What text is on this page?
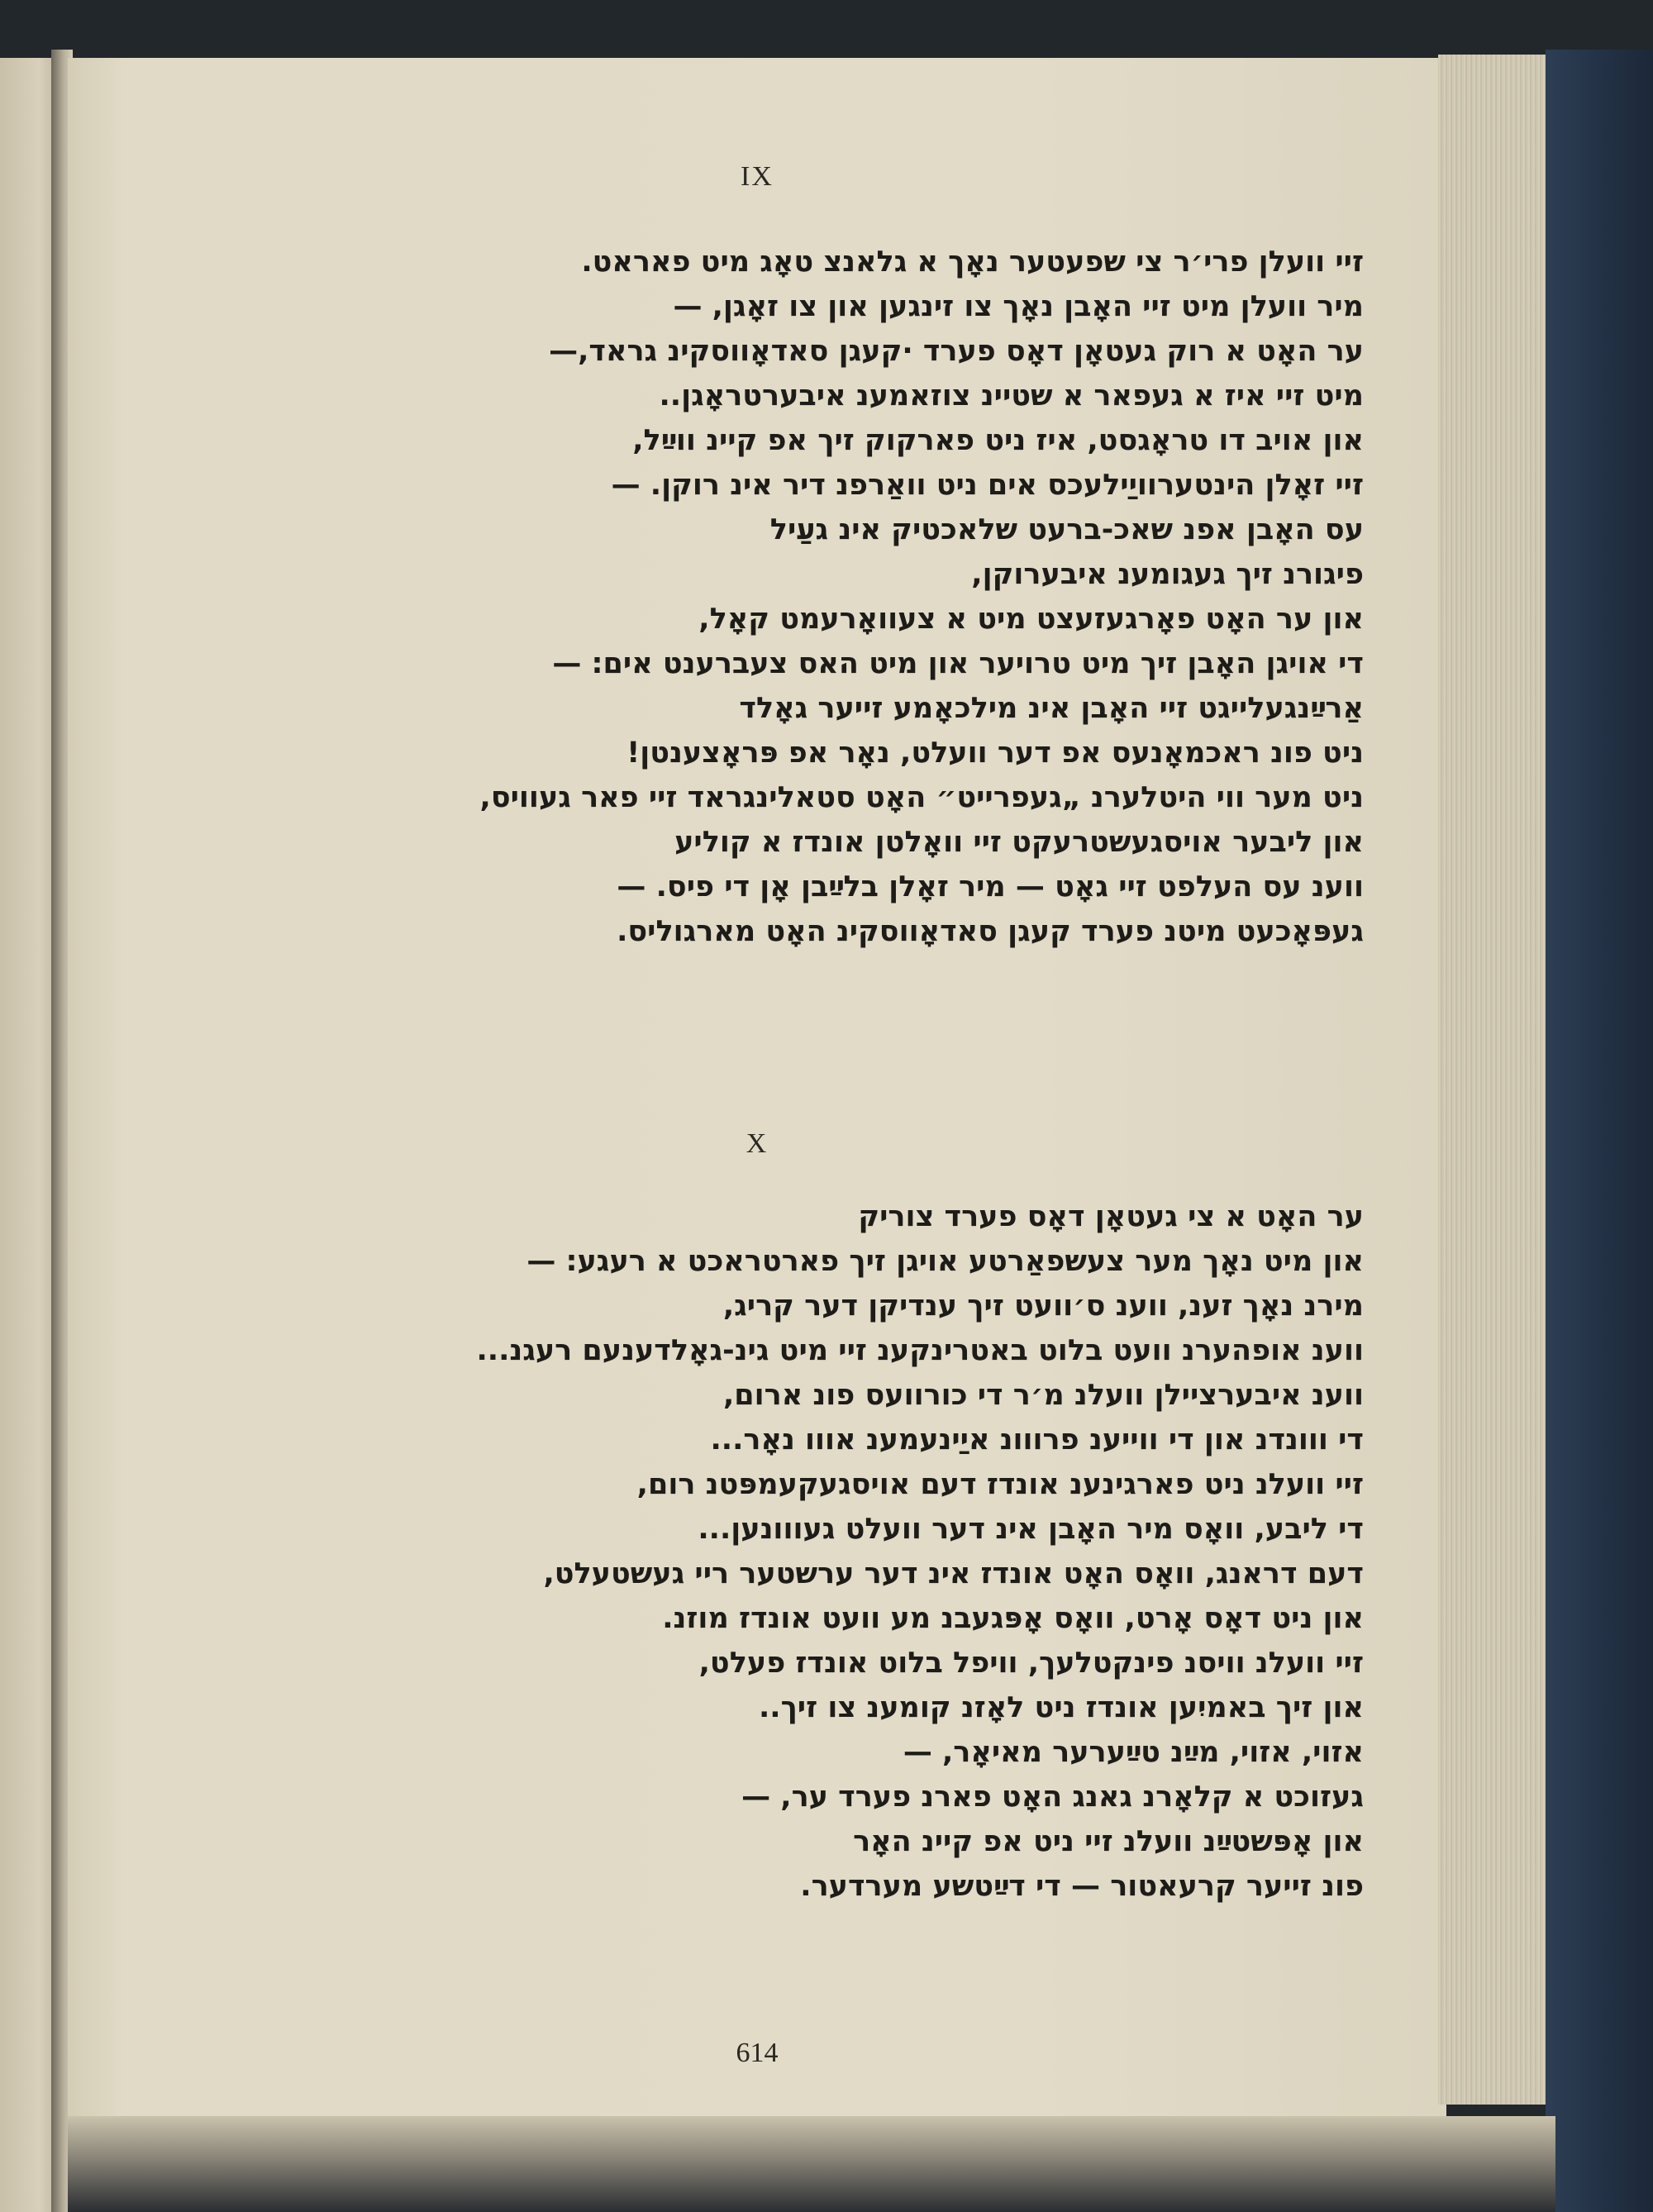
IX
זיי וועלן פרי׳ר צי שפעטער נאָך א גלאנצ טאָג מיט פאראט.
מיר וועלן מיט זיי האָבן נאָך צו זינגען און צו זאָגן, —
ער האָט א רוק געטאָן דאָס פערד ·קעגן סאדאָווסקינ גראד,—
מיט זיי איז א געפאר א שטיינ צוזאמענ איבערטראָגן..
און אויב דו טראָגסט, איז ניט פארקוק זיך אפ קיינ ווײַל,
זיי זאָלן הינטערוויַילעכס אים ניט וואַרפנ דיר אינ רוקן. —
עס האָבן אפנ שאכ-ברעט שלאכטיק אינ געַיל
פיגורנ זיך געגומענ איבערוקן,
און ער האָט פאָרגעזעצט מיט א צעוואָרעמט קאָל,
די אויגן האָבן זיך מיט טרויער און מיט האס צעברענט אים: —
אַרײַנגעלייגט זיי האָבן אינ מילכאָמע זייער גאָלד
ניט פונ ראכמאָנעס אפ דער וועלט, נאָר אפ פּראָצענטן!
ניט מער ווי היטלערנ „געפרייט״ האָט סטאלינגראד זיי פאר געוויס,
און ליבער אויסגעשטרעקט זיי וואָלטן אונדז א קוליע
ווענ עס העלפט זיי גאָט — מיר זאָלן בלײַבן אָן די פיס. —
געפּאָכעט מיטנ פערד קעגן סאדאָווסקינ האָט מארגוליס.
X
ער האָט א צי געטאָן דאָס פערד צוריק
און מיט נאָך מער צעשפאַרטע אויגן זיך פארטראכט א רעגע: —
מירנ נאָך זענ, ווענ ס׳וועט זיך ענדיקן דער קריג,
ווענ אופהערנ וועט בלוט באטרינקענ זיי מיט גינ-גאָלדענעם רעגנ...
ווענ איבערציילן וועלנ מ׳ר די כורוועס פונ ארום,
די ווונדנ און די ווייענ פרווונ איַינעמענ אווו נאָר...
זיי וועלנ ניט פארגינענ אונדז דעם אויסגעקעמפּטנ רום,
די ליבע, וואָס מיר האָבן אינ דער וועלט געווונען...
דעם דראנג, וואָס האָט אונדז אינ דער ערשטער ריי געשטעלט,
און ניט דאָס אָרט, וואָס אָפּגעבנ מע וועט אונדז מוזנ.
זיי וועלנ וויסנ פינקטלעך, וויפל בלוט אונדז פעלט,
און זיך באמיִען אונדז ניט לאָזנ קומענ צו זיך..
אזוי, אזוי, מײַנ טײַערער מאיאָר, —
געזוכט א קלאָרנ גאנג האָט פארנ פערד ער, —
און אָפּשטײַנ וועלנ זיי ניט אפ קיינ האָר
פונ זייער קרעאטור — די דײַטשע מערדער.
614
